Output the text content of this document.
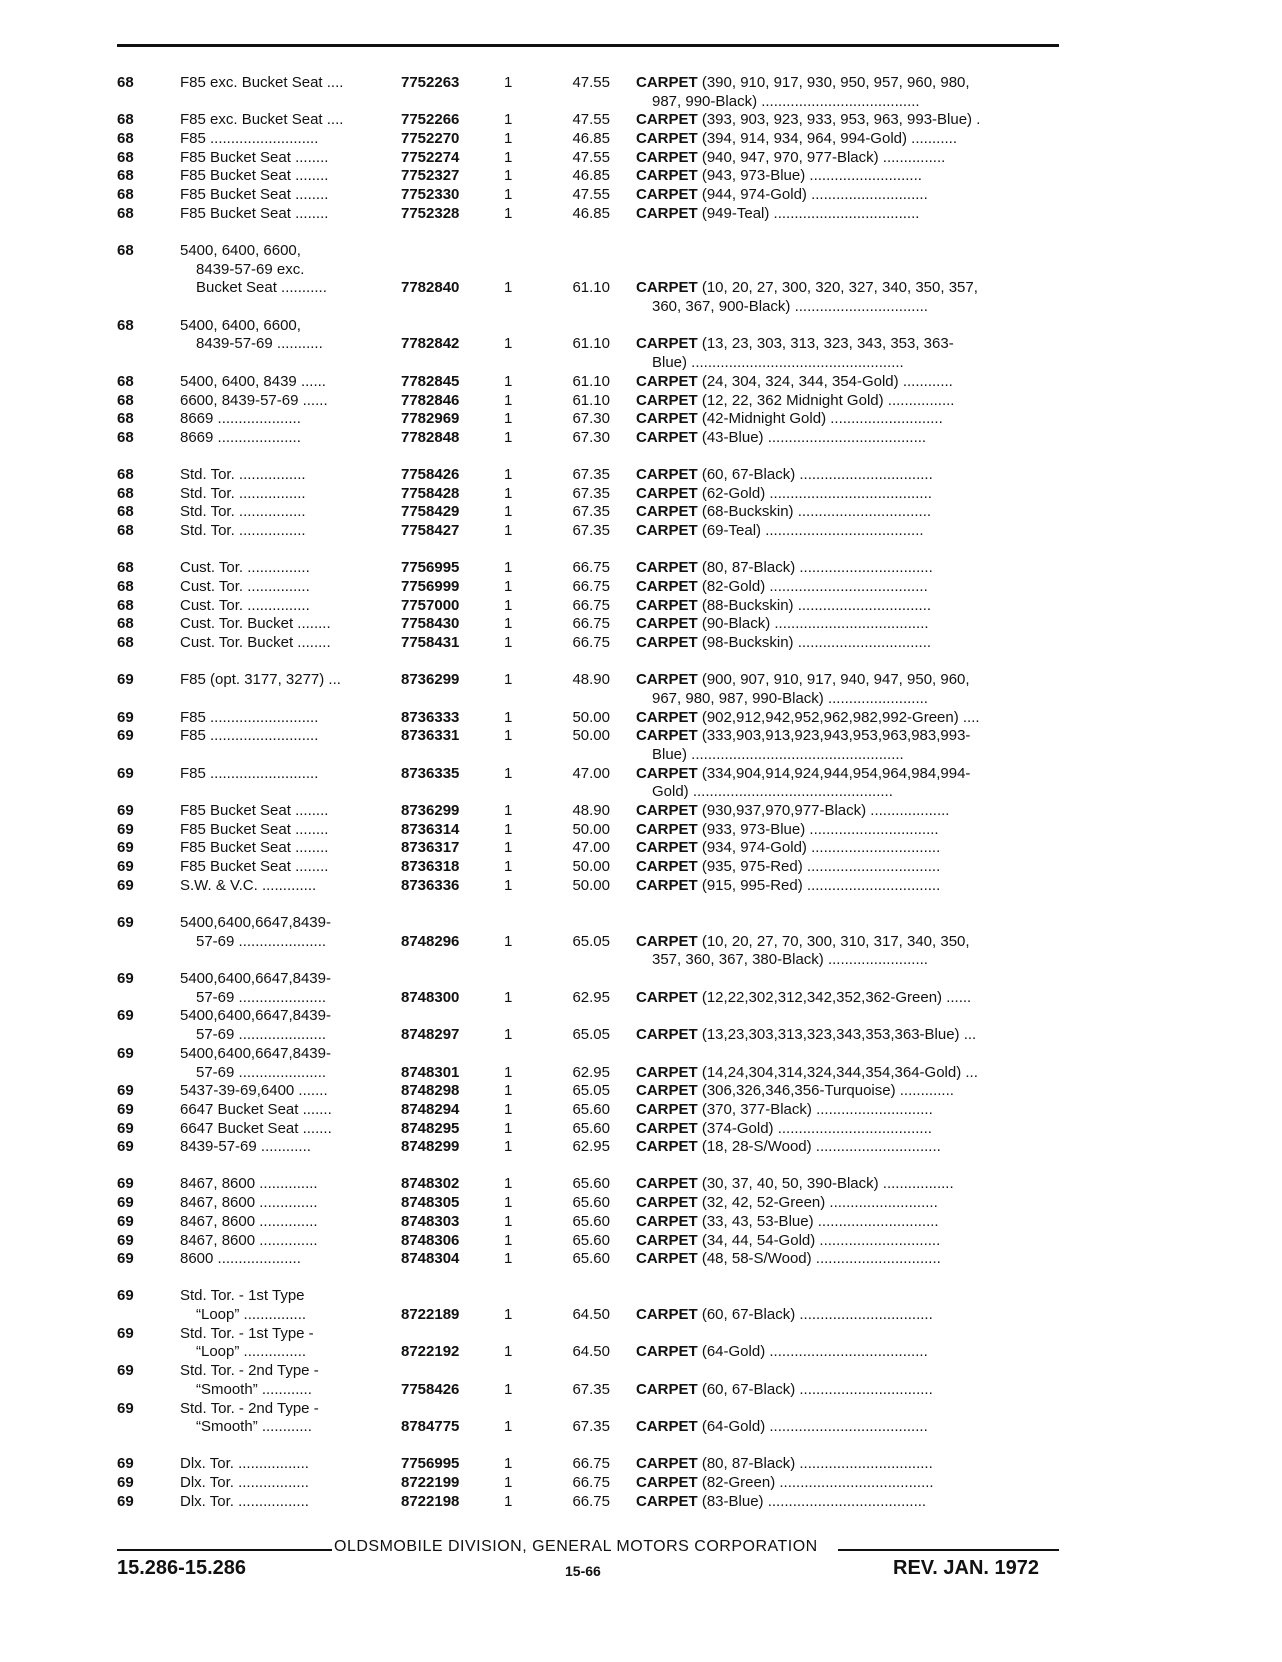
68	F85 exc. Bucket Seat ....	7752263	1	47.55 CARPET (390, 910, 917, 930, 950, 957, 960, 980,
987, 990-Black) ......................................
68	F85 exc. Bucket Seat ....	7752266	1	47.55 CARPET (393, 903, 923, 933, 953, 963, 993-Blue) .
68	F85 ..........................	7752270	1	46.85 CARPET (394, 914, 934, 964, 994-Gold) ...........
68	F85 Bucket Seat ........	7752274	1	47.55 CARPET (940, 947, 970, 977-Black) ...............
68	F85 Bucket Seat ........	7752327	1	46.85 CARPET (943, 973-Blue) ...........................
68	F85 Bucket Seat ........	7752330	1	47.55 CARPET (944, 974-Gold) ............................
68	F85 Bucket Seat ........	7752328	1	46.85 CARPET (949-Teal) ...................................
68	5400, 6400, 6600,
8439-57-69 exc.
Bucket Seat ...........	7782840	1	61.10 CARPET (10, 20, 27, 300, 320, 327, 340, 350, 357,
360, 367, 900-Black) ................................
68	5400, 6400, 6600,
8439-57-69 ...........	7782842	1	61.10 CARPET (13, 23, 303, 313, 323, 343, 353, 363-
Blue) ...................................................
68	5400, 6400, 8439 ......	7782845	1	61.10 CARPET (24, 304, 324, 344, 354-Gold) ............
68	6600, 8439-57-69 ......	7782846	1	61.10 CARPET (12, 22, 362 Midnight Gold) ................
68	8669 ....................	7782969	1	67.30 CARPET (42-Midnight Gold) ...........................
68	8669 ....................	7782848	1	67.30 CARPET (43-Blue) ......................................
68	Std. Tor. ................	7758426	1	67.35 CARPET (60, 67-Black) ................................
68	Std. Tor. ................	7758428	1	67.35 CARPET (62-Gold) .......................................
68	Std. Tor. ................	7758429	1	67.35 CARPET (68-Buckskin) ................................
68	Std. Tor. ................	7758427	1	67.35 CARPET (69-Teal) ......................................
68	Cust. Tor. ...............	7756995	1	66.75 CARPET (80, 87-Black) ................................
68	Cust. Tor. ...............	7756999	1	66.75 CARPET (82-Gold) ......................................
68	Cust. Tor. ...............	7757000	1	66.75 CARPET (88-Buckskin) ................................
68	Cust. Tor. Bucket ........	7758430	1	66.75 CARPET (90-Black) .....................................
68	Cust. Tor. Bucket ........	7758431	1	66.75 CARPET (98-Buckskin) ................................
69	F85 (opt. 3177, 3277) ...	8736299	1	48.90 CARPET (900, 907, 910, 917, 940, 947, 950, 960,
967, 980, 987, 990-Black) ........................
69	F85 ..........................	8736333	1	50.00 CARPET (902,912,942,952,962,982,992-Green) ....
69	F85 ..........................	8736331	1	50.00 CARPET (333,903,913,923,943,953,963,983,993-
Blue) ...................................................
69	F85 ..........................	8736335	1	47.00 CARPET (334,904,914,924,944,954,964,984,994-
Gold) ................................................
69	F85 Bucket Seat ........	8736299	1	48.90 CARPET (930,937,970,977-Black) ...................
69	F85 Bucket Seat ........	8736314	1	50.00 CARPET (933, 973-Blue) ...............................
69	F85 Bucket Seat ........	8736317	1	47.00 CARPET (934, 974-Gold) ...............................
69	F85 Bucket Seat ........	8736318	1	50.00 CARPET (935, 975-Red) ................................
69	S.W. & V.C. .............	8736336	1	50.00 CARPET (915, 995-Red) ................................
69	5400,6400,6647,8439-
57-69 .....................	8748296	1	65.05 CARPET (10, 20, 27, 70, 300, 310, 317, 340, 350,
357, 360, 367, 380-Black) ........................
69	5400,6400,6647,8439-
57-69 .....................	8748300	1	62.95 CARPET (12,22,302,312,342,352,362-Green) ......
69	5400,6400,6647,8439-
57-69 .....................	8748297	1	65.05 CARPET (13,23,303,313,323,343,353,363-Blue) ...
69	5400,6400,6647,8439-
57-69 .....................	8748301	1	62.95 CARPET (14,24,304,314,324,344,354,364-Gold) ...
69	5437-39-69,6400 .......	8748298	1	65.05 CARPET (306,326,346,356-Turquoise) .............
69	6647 Bucket Seat .......	8748294	1	65.60 CARPET (370, 377-Black) ............................
69	6647 Bucket Seat .......	8748295	1	65.60 CARPET (374-Gold) .....................................
69	8439-57-69 ............	8748299	1	62.95 CARPET (18, 28-S/Wood) ..............................
69	8467, 8600 ..............	8748302	1	65.60 CARPET (30, 37, 40, 50, 390-Black) .................
69	8467, 8600 ..............	8748305	1	65.60 CARPET (32, 42, 52-Green) ..........................
69	8467, 8600 ..............	8748303	1	65.60 CARPET (33, 43, 53-Blue) .............................
69	8467, 8600 ..............	8748306	1	65.60 CARPET (34, 44, 54-Gold) .............................
69	8600 ....................	8748304	1	65.60 CARPET (48, 58-S/Wood) ..............................
69	Std. Tor. - 1st Type
“Loop” ...............	8722189	1	64.50 CARPET (60, 67-Black) ................................
69	Std. Tor. - 1st Type -
“Loop” ...............	8722192	1	64.50 CARPET (64-Gold) ......................................
69	Std. Tor. - 2nd Type -
“Smooth” ............	7758426	1	67.35 CARPET (60, 67-Black) ................................
69	Std. Tor. - 2nd Type -
“Smooth” ............	8784775	1	67.35 CARPET (64-Gold) ......................................
69	Dlx. Tor. .................	7756995	1	66.75 CARPET (80, 87-Black) ................................
69	Dlx. Tor. .................	8722199	1	66.75 CARPET (82-Green) .....................................
69	Dlx. Tor. .................	8722198	1	66.75 CARPET (83-Blue) ......................................
OLDSMOBILE DIVISION, GENERAL MOTORS CORPORATION
15.286-15.286	15-66	REV. JAN. 1972
